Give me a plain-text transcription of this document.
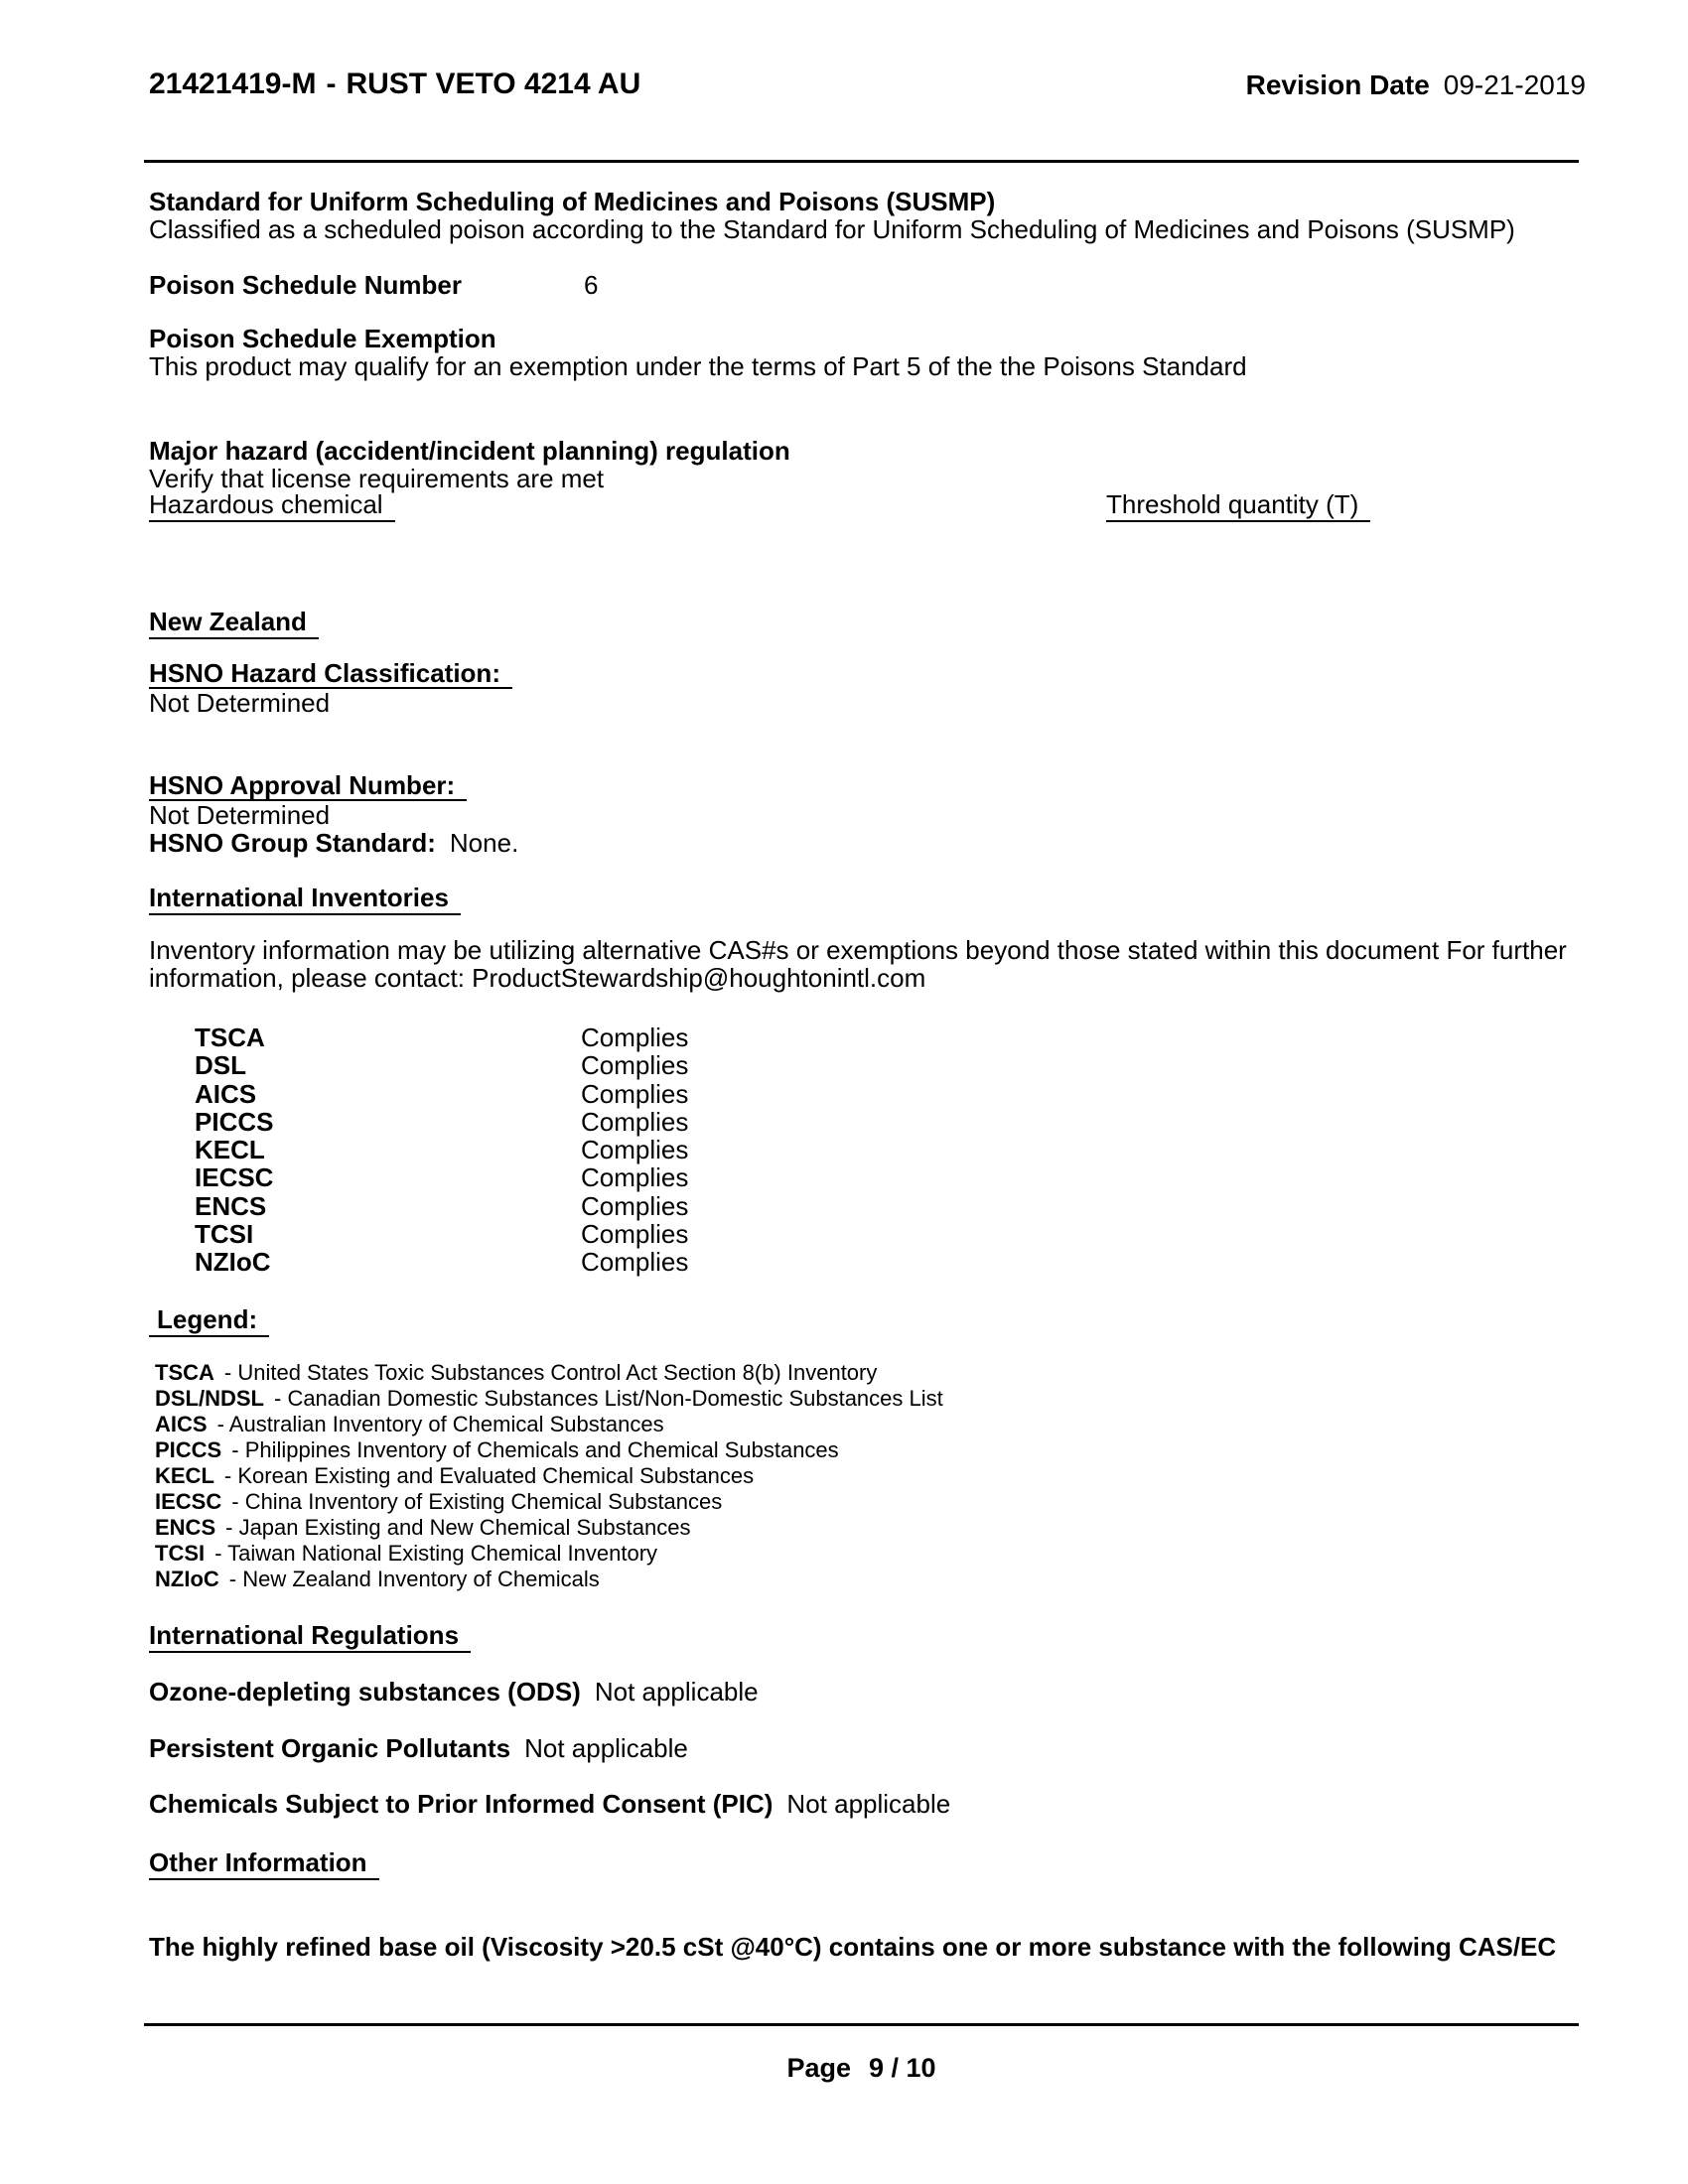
21421419-M - RUST VETO 4214 AU	Revision Date 09-21-2019
Standard for Uniform Scheduling of Medicines and Poisons (SUSMP)
Classified as a scheduled poison according to the Standard for Uniform Scheduling of Medicines and Poisons (SUSMP)
Poison Schedule Number	6
Poison Schedule Exemption
This product may qualify for an exemption under the terms of Part 5 of the the Poisons Standard
Major hazard (accident/incident planning) regulation
Verify that license requirements are met
Hazardous chemical	Threshold quantity (T)
New Zealand
HSNO Hazard Classification:
Not Determined
HSNO Approval Number:
Not Determined
HSNO Group Standard: None.
International Inventories
Inventory information may be utilizing alternative CAS#s or exemptions beyond those stated within this document For further
information, please contact: ProductStewardship@houghtonintl.com
TSCA	Complies
DSL	Complies
AICS	Complies
PICCS	Complies
KECL	Complies
IECSC	Complies
ENCS	Complies
TCSI	Complies
NZIoC	Complies
Legend:
TSCA - United States Toxic Substances Control Act Section 8(b) Inventory
DSL/NDSL - Canadian Domestic Substances List/Non-Domestic Substances List
AICS - Australian Inventory of Chemical Substances
PICCS - Philippines Inventory of Chemicals and Chemical Substances
KECL - Korean Existing and Evaluated Chemical Substances
IECSC - China Inventory of Existing Chemical Substances
ENCS - Japan Existing and New Chemical Substances
TCSI - Taiwan National Existing Chemical Inventory
NZIoC - New Zealand Inventory of Chemicals
International Regulations
Ozone-depleting substances (ODS) Not applicable
Persistent Organic Pollutants Not applicable
Chemicals Subject to Prior Informed Consent (PIC) Not applicable
Other Information
The highly refined base oil (Viscosity >20.5 cSt @40°C) contains one or more substance with the following CAS/EC
Page 9 / 10
